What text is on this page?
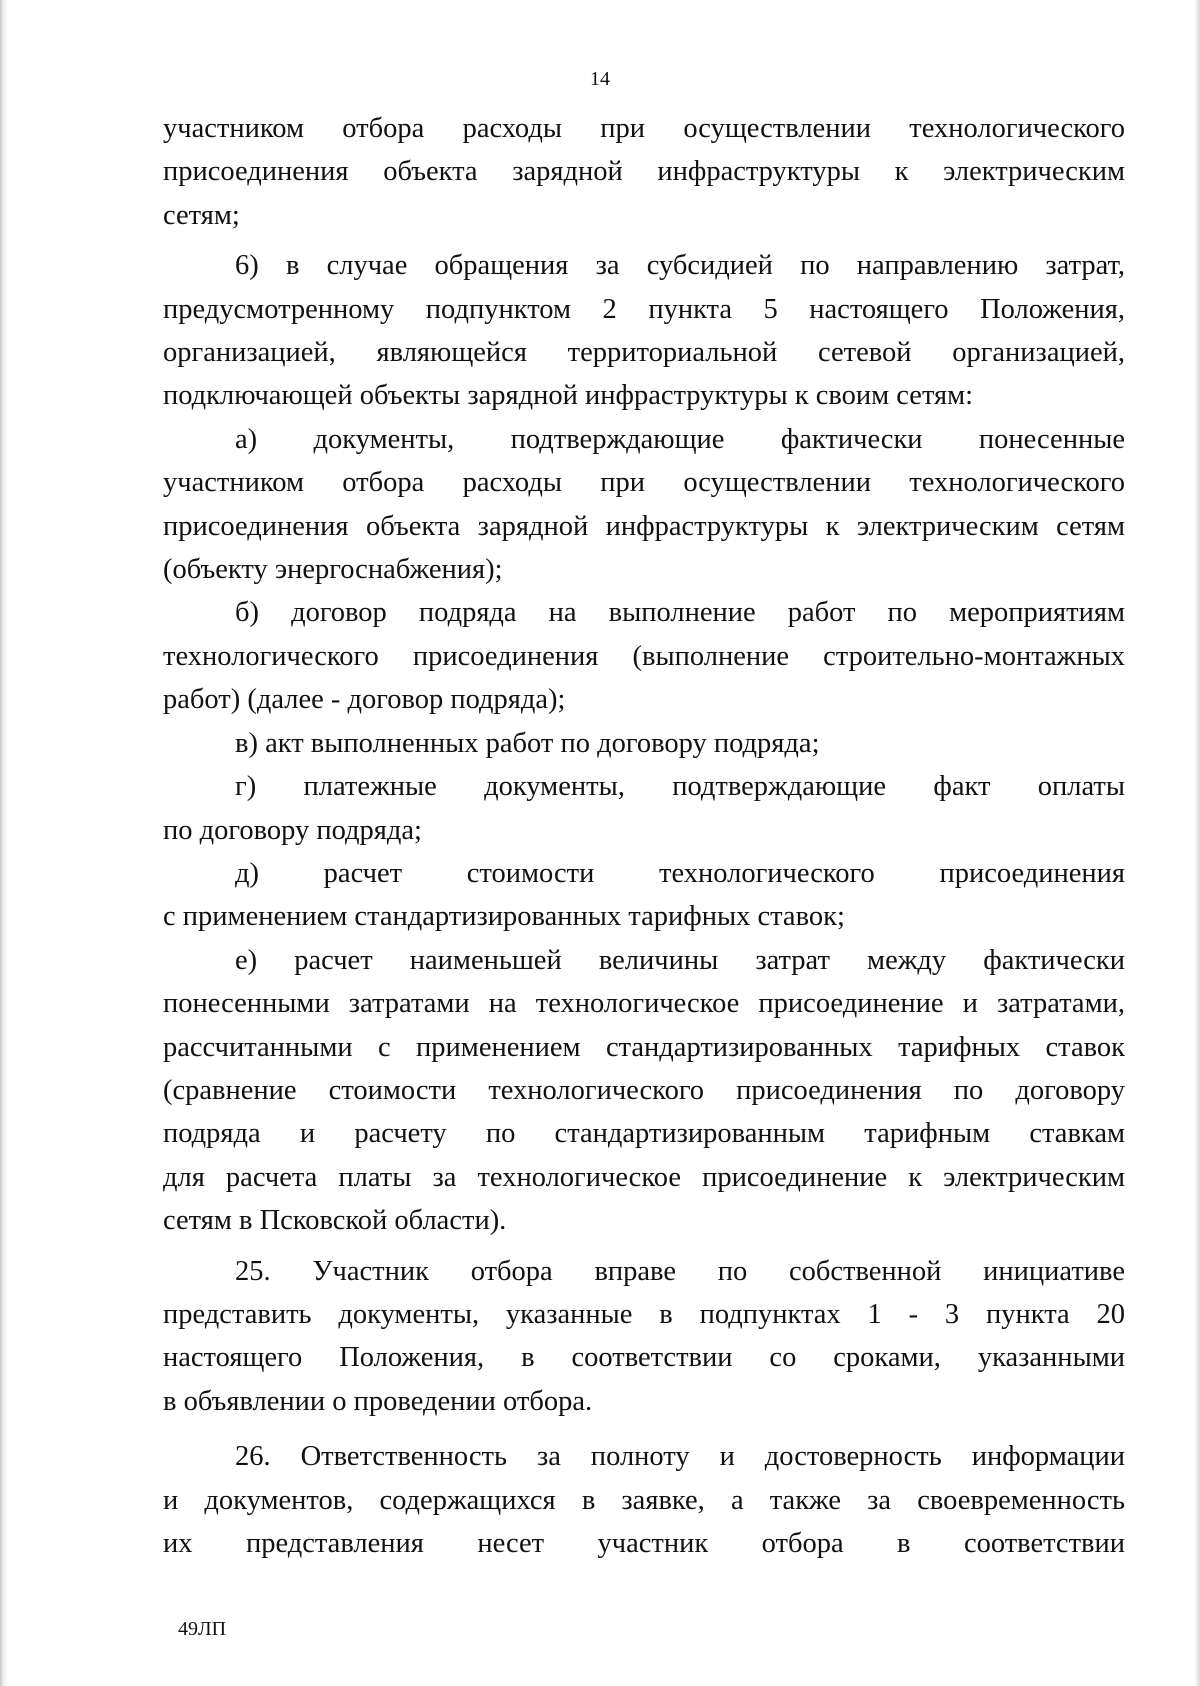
14
участником отбора расходы при осуществлении технологического
присоединения объекта зарядной инфраструктуры к электрическим
сетям;
6) в случае обращения за субсидией по направлению затрат,
предусмотренному подпунктом 2 пункта 5 настоящего Положения,
организацией, являющейся территориальной сетевой организацией,
подключающей объекты зарядной инфраструктуры к своим сетям:
а) документы, подтверждающие фактически понесенные
участником отбора расходы при осуществлении технологического
присоединения объекта зарядной инфраструктуры к электрическим сетям
(объекту энергоснабжения);
б) договор подряда на выполнение работ по мероприятиям
технологического присоединения (выполнение строительно-монтажных
работ) (далее - договор подряда);
в) акт выполненных работ по договору подряда;
г) платежные документы, подтверждающие факт оплаты
по договору подряда;
д) расчет стоимости технологического присоединения
с применением стандартизированных тарифных ставок;
е) расчет наименьшей величины затрат между фактически
понесенными затратами на технологическое присоединение и затратами,
рассчитанными с применением стандартизированных тарифных ставок
(сравнение стоимости технологического присоединения по договору
подряда и расчету по стандартизированным тарифным ставкам
для расчета платы за технологическое присоединение к электрическим
сетям в Псковской области).
25. Участник отбора вправе по собственной инициативе
представить документы, указанные в подпунктах 1 - 3 пункта 20
настоящего Положения, в соответствии со сроками, указанными
в объявлении о проведении отбора.
26. Ответственность за полноту и достоверность информации
и документов, содержащихся в заявке, а также за своевременность
их представления несет участник отбора в соответствии
49ЛП
